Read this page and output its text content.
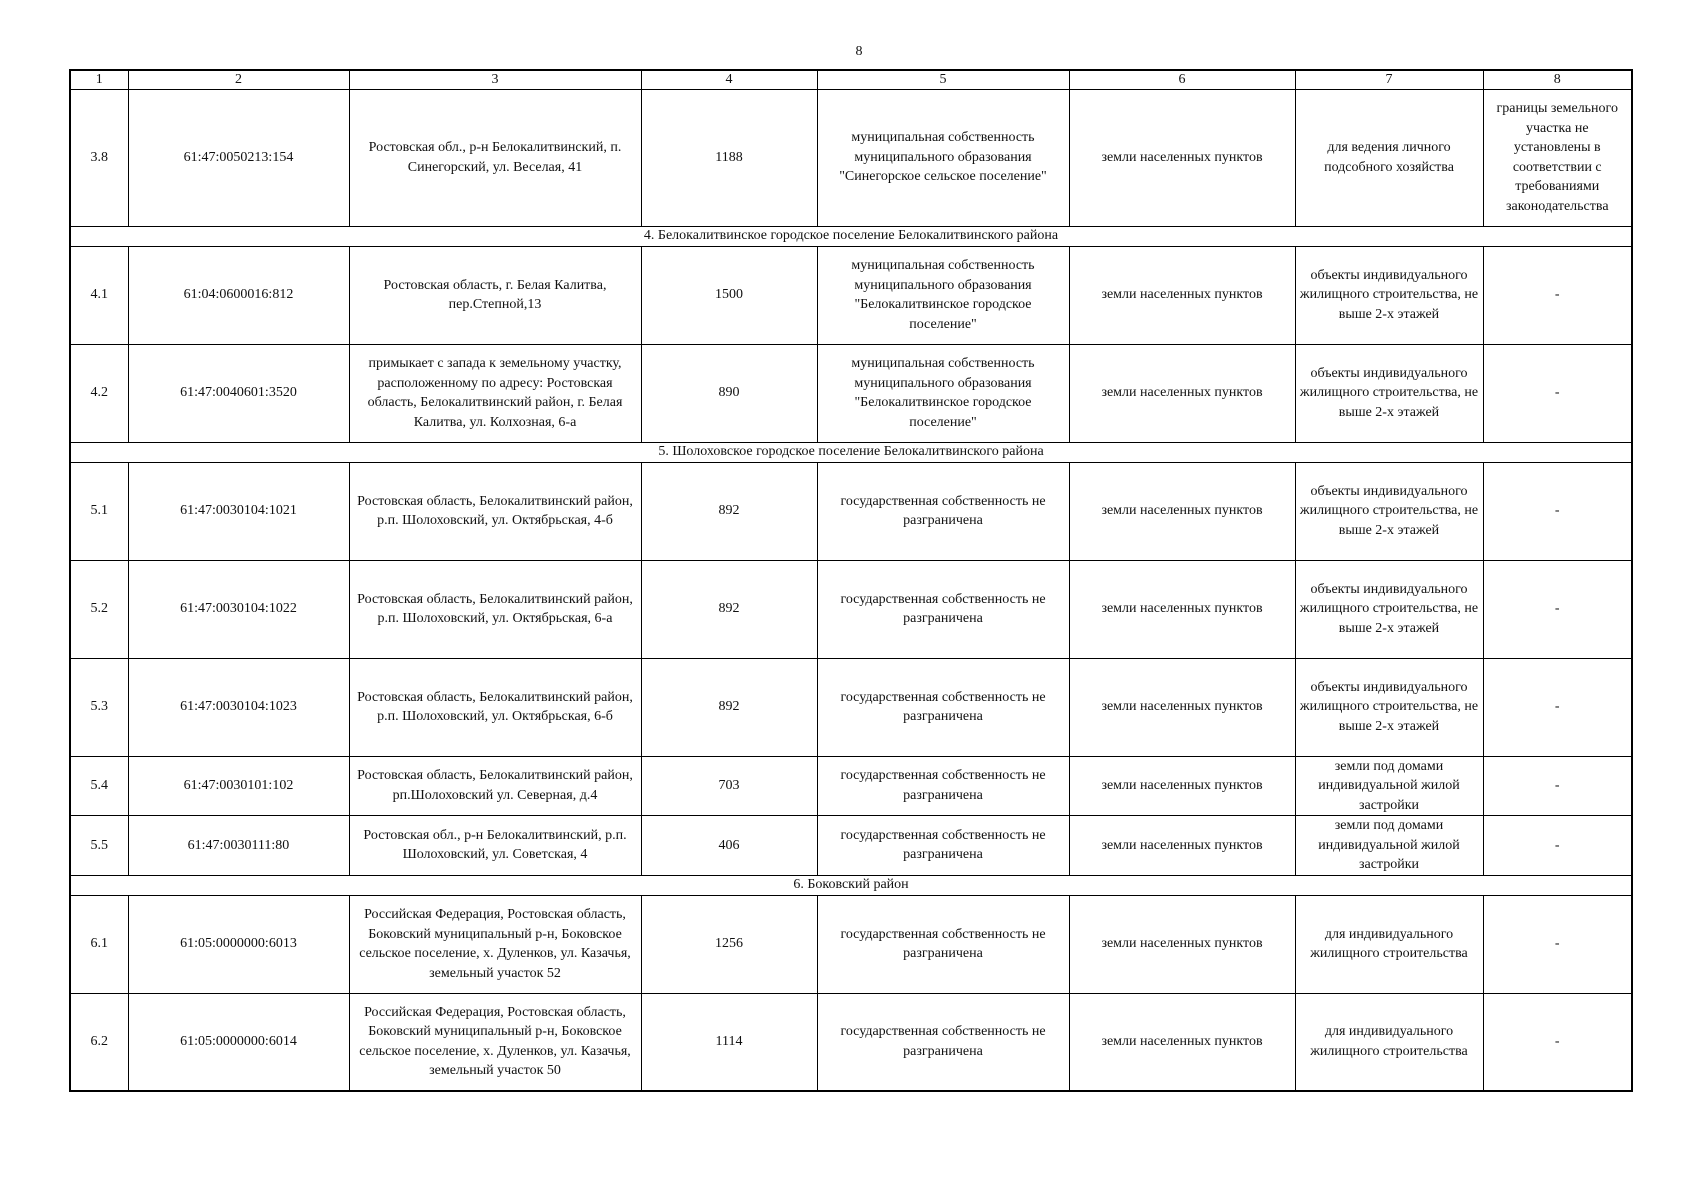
8
1	2	3	4	5	6	7	8
3.8	61:47:0050213:154	Ростовская обл., р-н Белокалитвинский, п. Синегорский, ул. Веселая, 41	1188	муниципальная собственность муниципального образования "Синегорское сельское поселение"	земли населенных пунктов	для ведения личного подсобного хозяйства	границы земельного участка не установлены в соответствии с требованиями законодательства
4. Белокалитвинское городское поселение Белокалитвинского района							
4.1	61:04:0600016:812	Ростовская область, г. Белая Калитва, пер.Степной,13	1500	муниципальная собственность муниципального образования "Белокалитвинское городское поселение"	земли населенных пунктов	объекты индивидуального жилищного строительства, не выше 2-х этажей	-
4.2	61:47:0040601:3520	примыкает с запада к земельному участку, расположенному по адресу: Ростовская область, Белокалитвинский район, г. Белая Калитва, ул. Колхозная, 6-а	890	муниципальная собственность муниципального образования "Белокалитвинское городское поселение"	земли населенных пунктов	объекты индивидуального жилищного строительства, не выше 2-х этажей	-
5. Шолоховское городское поселение Белокалитвинского района							
5.1	61:47:0030104:1021	Ростовская область, Белокалитвинский район, р.п. Шолоховский, ул. Октябрьская, 4-б	892	государственная собственность не разграничена	земли населенных пунктов	объекты индивидуального жилищного строительства, не выше 2-х этажей	-
5.2	61:47:0030104:1022	Ростовская область, Белокалитвинский район, р.п. Шолоховский, ул. Октябрьская, 6-а	892	государственная собственность не разграничена	земли населенных пунктов	объекты индивидуального жилищного строительства, не выше 2-х этажей	-
5.3	61:47:0030104:1023	Ростовская область, Белокалитвинский район, р.п. Шолоховский, ул. Октябрьская, 6-б	892	государственная собственность не разграничена	земли населенных пунктов	объекты индивидуального жилищного строительства, не выше 2-х этажей	-
5.4	61:47:0030101:102	Ростовская область, Белокалитвинский район, рп.Шолоховский ул. Северная, д.4	703	государственная собственность не разграничена	земли населенных пунктов	земли под домами индивидуальной жилой застройки	-
5.5	61:47:0030111:80	Ростовская обл., р-н Белокалитвинский, р.п. Шолоховский, ул. Советская, 4	406	государственная собственность не разграничена	земли населенных пунктов	земли под домами индивидуальной жилой застройки	-
6. Боковский район							
6.1	61:05:0000000:6013	Российская Федерация, Ростовская область, Боковский муниципальный р-н, Боковское сельское поселение, х. Дуленков, ул. Казачья, земельный участок 52	1256	государственная собственность не разграничена	земли населенных пунктов	для индивидуального жилищного строительства	-
6.2	61:05:0000000:6014	Российская Федерация, Ростовская область, Боковский муниципальный р-н, Боковское сельское поселение, х. Дуленков, ул. Казачья, земельный участок 50	1114	государственная собственность не разграничена	земли населенных пунктов	для индивидуального жилищного строительства	-
